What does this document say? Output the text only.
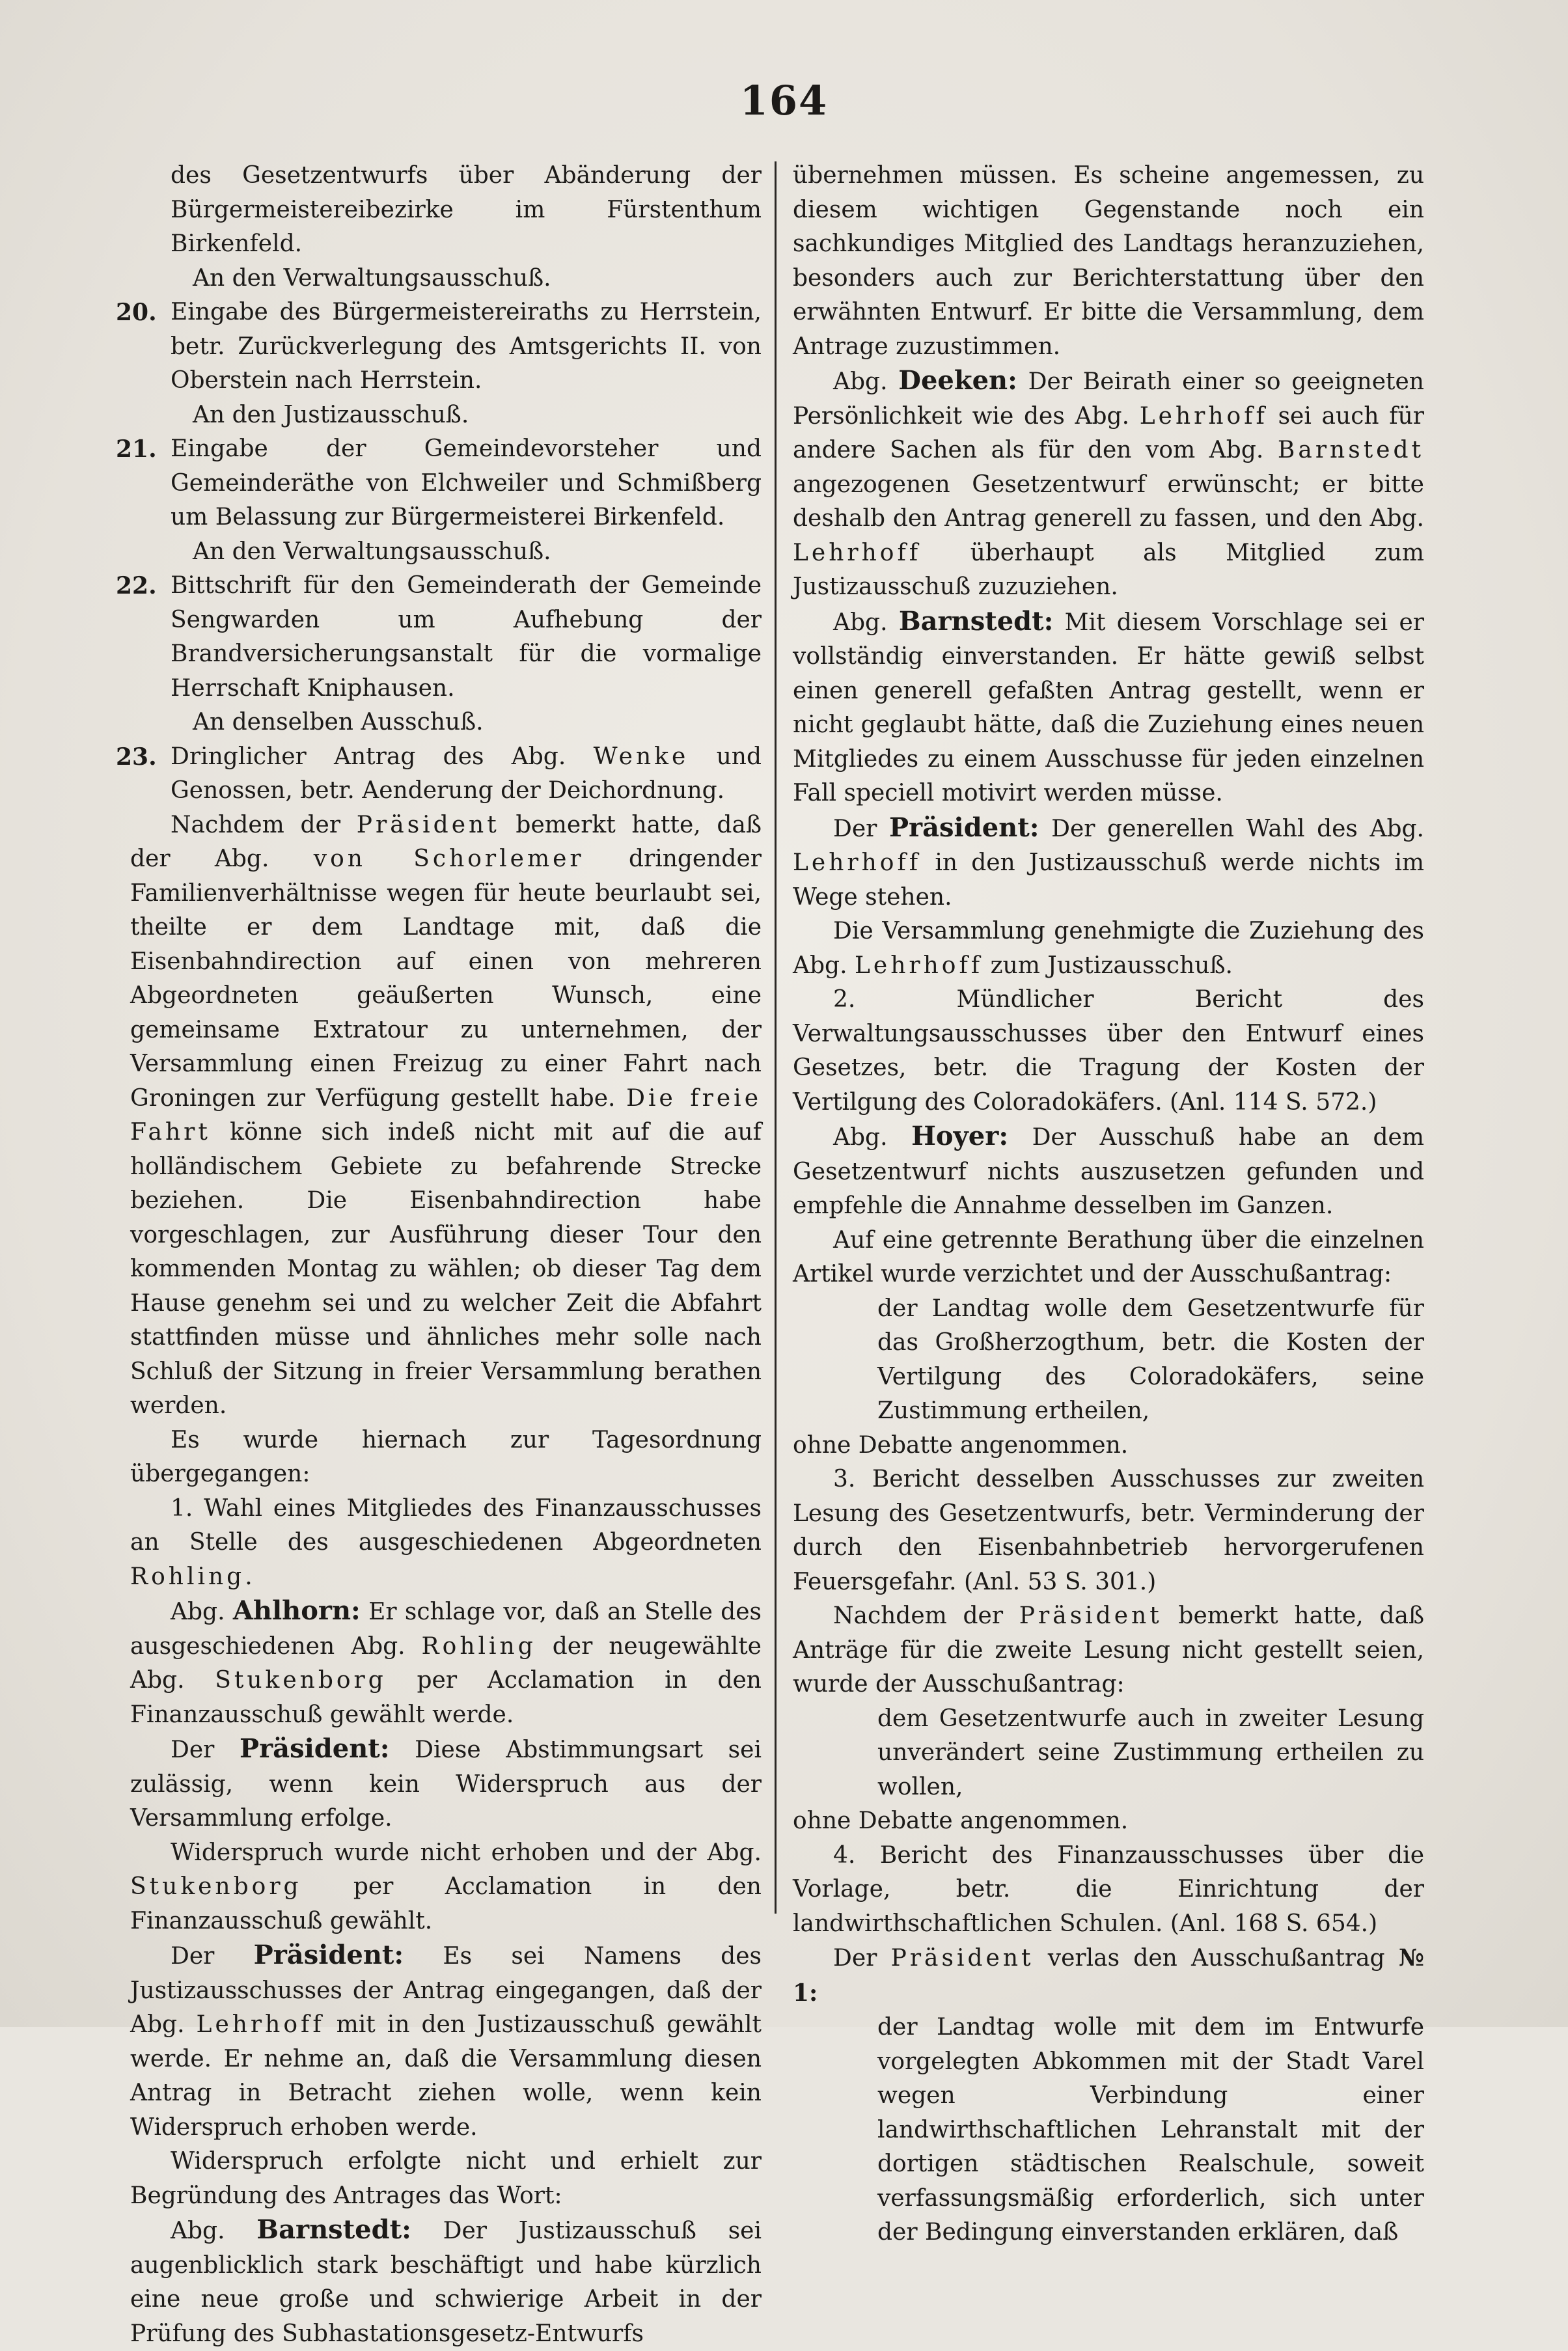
164

des Gesetzentwurfs über Abänderung der Bürgermeistereibezirke im Fürstenthum Birkenfeld.

An den Verwaltungsausschuß.

20. Eingabe des Bürgermeistereiraths zu Herrstein, betr. Zurückverlegung des Amtsgerichts II. von Oberstein nach Herrstein.

An den Justizausschuß.

21. Eingabe der Gemeindevorsteher und Gemeinderäthe von Elchweiler und Schmißberg um Belassung zur Bürgermeisterei Birkenfeld.

An den Verwaltungsausschuß.

22. Bittschrift für den Gemeinderath der Gemeinde Sengwarden um Aufhebung der Brandversicherungsanstalt für die vormalige Herrschaft Kniphausen.

An denselben Ausschuß.

23. Dringlicher Antrag des Abg. Wenke und Genossen, betr. Aenderung der Deichordnung.

Nachdem der Präsident bemerkt hatte, daß der Abg. von Schorlemer dringender Familienverhältnisse wegen für heute beurlaubt sei, theilte er dem Landtage mit, daß die Eisenbahndirection auf einen von mehreren Abgeordneten geäußerten Wunsch, eine gemeinsame Extratour zu unternehmen, der Versammlung einen Freizug zu einer Fahrt nach Groningen zur Verfügung gestellt habe. Die freie Fahrt könne sich indeß nicht mit auf die auf holländischem Gebiete zu befahrende Strecke beziehen. Die Eisenbahndirection habe vorgeschlagen, zur Ausführung dieser Tour den kommenden Montag zu wählen; ob dieser Tag dem Hause genehm sei und zu welcher Zeit die Abfahrt stattfinden müsse und ähnliches mehr solle nach Schluß der Sitzung in freier Versammlung berathen werden.

Es wurde hiernach zur Tagesordnung übergegangen:

1. Wahl eines Mitgliedes des Finanzausschusses an Stelle des ausgeschiedenen Abgeordneten Rohling.

Abg. Ahlhorn: Er schlage vor, daß an Stelle des ausgeschiedenen Abg. Rohling der neugewählte Abg. Stukenborg per Acclamation in den Finanzausschuß gewählt werde.

Der Präsident: Diese Abstimmungsart sei zulässig, wenn kein Widerspruch aus der Versammlung erfolge.

Widerspruch wurde nicht erhoben und der Abg. Stukenborg per Acclamation in den Finanzausschuß gewählt.

Der Präsident: Es sei Namens des Justizausschusses der Antrag eingegangen, daß der Abg. Lehrhoff mit in den Justizausschuß gewählt werde. Er nehme an, daß die Versammlung diesen Antrag in Betracht ziehen wolle, wenn kein Widerspruch erhoben werde.

Widerspruch erfolgte nicht und erhielt zur Begründung des Antrages das Wort:

Abg. Barnstedt: Der Justizausschuß sei augenblicklich stark beschäftigt und habe kürzlich eine neue große und schwierige Arbeit in der Prüfung des Subhastationsgesetz-Entwurfs

übernehmen müssen. Es scheine angemessen, zu diesem wichtigen Gegenstande noch ein sachkundiges Mitglied des Landtags heranzuziehen, besonders auch zur Berichterstattung über den erwähnten Entwurf. Er bitte die Versammlung, dem Antrage zuzustimmen.

Abg. Deeken: Der Beirath einer so geeigneten Persönlichkeit wie des Abg. Lehrhoff sei auch für andere Sachen als für den vom Abg. Barnstedt angezogenen Gesetzentwurf erwünscht; er bitte deshalb den Antrag generell zu fassen, und den Abg. Lehrhoff überhaupt als Mitglied zum Justizausschuß zuzuziehen.

Abg. Barnstedt: Mit diesem Vorschlage sei er vollständig einverstanden. Er hätte gewiß selbst einen generell gefaßten Antrag gestellt, wenn er nicht geglaubt hätte, daß die Zuziehung eines neuen Mitgliedes zu einem Ausschusse für jeden einzelnen Fall speciell motivirt werden müsse.

Der Präsident: Der generellen Wahl des Abg. Lehrhoff in den Justizausschuß werde nichts im Wege stehen.

Die Versammlung genehmigte die Zuziehung des Abg. Lehrhoff zum Justizausschuß.

2. Mündlicher Bericht des Verwaltungsausschusses über den Entwurf eines Gesetzes, betr. die Tragung der Kosten der Vertilgung des Coloradokäfers. (Anl. 114 S. 572.)

Abg. Hoyer: Der Ausschuß habe an dem Gesetzentwurf nichts auszusetzen gefunden und empfehle die Annahme desselben im Ganzen.

Auf eine getrennte Berathung über die einzelnen Artikel wurde verzichtet und der Ausschußantrag:

der Landtag wolle dem Gesetzentwurfe für das Großherzogthum, betr. die Kosten der Vertilgung des Coloradokäfers, seine Zustimmung ertheilen,

ohne Debatte angenommen.

3. Bericht desselben Ausschusses zur zweiten Lesung des Gesetzentwurfs, betr. Verminderung der durch den Eisenbahnbetrieb hervorgerufenen Feuersgefahr. (Anl. 53 S. 301.)

Nachdem der Präsident bemerkt hatte, daß Anträge für die zweite Lesung nicht gestellt seien, wurde der Ausschußantrag:

dem Gesetzentwurfe auch in zweiter Lesung unverändert seine Zustimmung ertheilen zu wollen,

ohne Debatte angenommen.

4. Bericht des Finanzausschusses über die Vorlage, betr. die Einrichtung der landwirthschaftlichen Schulen. (Anl. 168 S. 654.)

Der Präsident verlas den Ausschußantrag № 1:

der Landtag wolle mit dem im Entwurfe vorgelegten Abkommen mit der Stadt Varel wegen Verbindung einer landwirthschaftlichen Lehranstalt mit der dortigen städtischen Realschule, soweit verfassungsmäßig erforderlich, sich unter der Bedingung einverstanden erklären, daß
